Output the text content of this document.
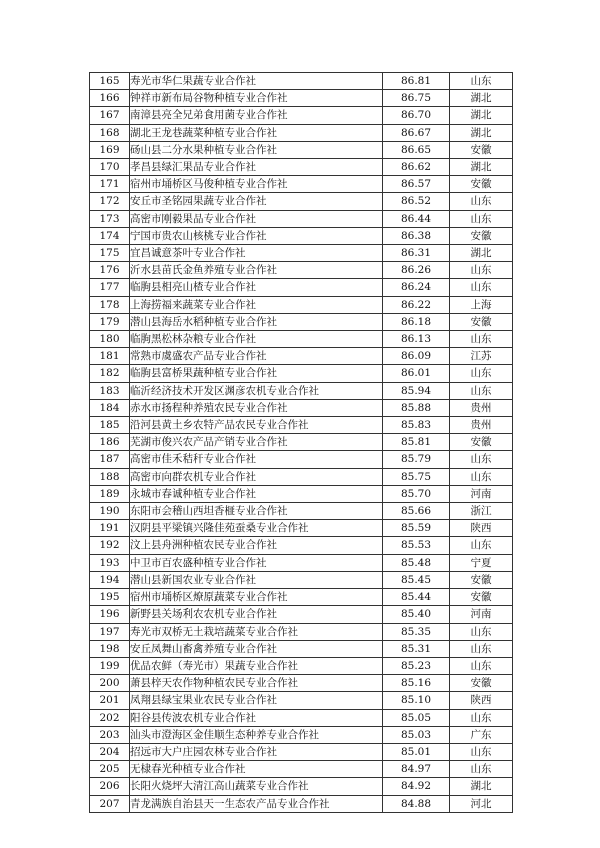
165	寿光市华仁果蔬专业合作社	86.81	山东
166	钟祥市新布局谷物种植专业合作社	86.75	湖北
167	南漳县亮全兄弟食用菌专业合作社	86.70	湖北
168	湖北王龙巷蔬菜种植专业合作社	86.67	湖北
169	砀山县二分水果种植专业合作社	86.65	安徽
170	孝昌县绿汇果品专业合作社	86.62	湖北
171	宿州市埇桥区马俊种植专业合作社	86.57	安徽
172	安丘市圣铭园果蔬专业合作社	86.52	山东
173	高密市刚毅果品专业合作社	86.44	山东
174	宁国市贵农山核桃专业合作社	86.38	安徽
175	宜昌诚意茶叶专业合作社	86.31	湖北
176	沂水县苗氏金鱼养殖专业合作社	86.26	山东
177	临朐县相亮山楂专业合作社	86.24	山东
178	上海捞福来蔬菜专业合作社	86.22	上海
179	潜山县海岳水稻种植专业合作社	86.18	安徽
180	临朐黑松林杂粮专业合作社	86.13	山东
181	常熟市虞盛农产品专业合作社	86.09	江苏
182	临朐县富桥果蔬种植专业合作社	86.01	山东
183	临沂经济技术开发区渊彦农机专业合作社	85.94	山东
184	赤水市扬程种养殖农民专业合作社	85.88	贵州
185	沿河县黄土乡农特产品农民专业合作社	85.83	贵州
186	芜湖市俊兴农产品产销专业合作社	85.81	安徽
187	高密市佳禾秸秆专业合作社	85.79	山东
188	高密市向群农机专业合作社	85.75	山东
189	永城市春诚种植专业合作社	85.70	河南
190	东阳市会稽山西坦香榧专业合作社	85.66	浙江
191	汉阴县平梁镇兴隆佳苑蚕桑专业合作社	85.59	陕西
192	汶上县舟洲种植农民专业合作社	85.53	山东
193	中卫市百农盛种植专业合作社	85.48	宁夏
194	潜山县新国农业专业合作社	85.45	安徽
195	宿州市埇桥区燎原蔬菜专业合作社	85.44	安徽
196	新野县关场利农农机专业合作社	85.40	河南
197	寿光市双桥无土栽培蔬菜专业合作社	85.35	山东
198	安丘凤舞山畜禽养殖专业合作社	85.31	山东
199	优品农鲜（寿光市）果蔬专业合作社	85.23	山东
200	萧县梓天农作物种植农民专业合作社	85.16	安徽
201	凤翔县绿宝果业农民专业合作社	85.10	陕西
202	阳谷县传波农机专业合作社	85.05	山东
203	汕头市澄海区金佳顺生态种养专业合作社	85.03	广东
204	招远市大户庄园农林专业合作社	85.01	山东
205	无棣春光种植专业合作社	84.97	山东
206	长阳火烧坪大清江高山蔬菜专业合作社	84.92	湖北
207	青龙满族自治县天一生态农产品专业合作社	84.88	河北
